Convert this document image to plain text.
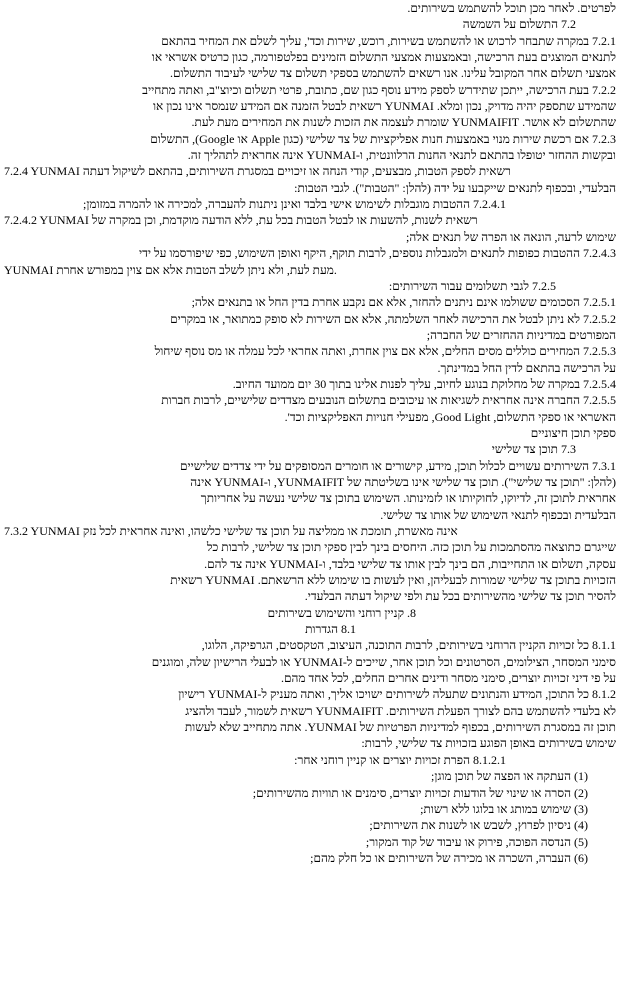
לפרטים. לאחר מכן תוכל להשתמש בשירותים.
7.2 התשלום על השמשה
7.2.1 במקרה שתבחר לרכוש או להשתמש בשירות, רוכש, שירות וכד', עליך לשלם את המחיר בהתאם
לתנאים המוצגים בעת הרכישה, ובאמצעות אמצעי התשלום הזמינים בפלטפורמה, כגון כרטיס אשראי או
אמצעי תשלום אחר המקובל עלינו. אנו רשאים להשתמש בספקי תשלום צד שלישי לעיבוד התשלום.
7.2.2 בעת הרכישה, ייתכן שתידרש לספק מידע נוסף כגון שם, כתובת, פרטי תשלום וכיוצ"ב, ואתה מתחייב
שהמידע שתספק יהיה מדויק, נכון ומלא. YUNMAI רשאית לבטל הזמנה אם המידע שנמסר אינו נכון או
שהתשלום לא אושר. YUNMAIFIT שומרת לעצמה את הזכות לשנות את המחירים מעת לעת.
7.2.3 אם רכשת שירות מנוי באמצעות חנות אפליקציות של צד שלישי (כגון Apple או Google), התשלום
ובקשות ההחזר יטופלו בהתאם לתנאי החנות הרלוונטית, ו-YUNMAI אינה אחראית לתהליך זה.
7.2.4 YUNMAI רשאית לספק הטבות, מבצעים, קודי הנחה או זיכויים במסגרת השירותים, בהתאם לשיקול דעתה
הבלעדי, ובכפוף לתנאים שייקבעו על ידה (להלן: "הטבות"). לגבי הטבות:
7.2.4.1 ההטבות מוגבלות לשימוש אישי בלבד ואינן ניתנות להעברה, למכירה או להמרה במזומן;
7.2.4.2 YUNMAI רשאית לשנות, להשעות או לבטל הטבות בכל עת, ללא הודעה מוקדמת, וכן במקרה של
שימוש לרעה, הונאה או הפרה של תנאים אלה;
7.2.4.3 ההטבות כפופות לתנאים ולמגבלות נוספים, לרבות תוקף, היקף ואופן השימוש, כפי שיפורסמו על ידי
YUNMAI מעת לעת, ולא ניתן לשלב הטבות אלא אם צוין במפורש אחרת.
7.2.5 לגבי תשלומים עבור השירותים:
7.2.5.1 הסכומים ששולמו אינם ניתנים להחזר, אלא אם נקבע אחרת בדין החל או בתנאים אלה;
7.2.5.2 לא ניתן לבטל את הרכישה לאחר השלמתה, אלא אם השירות לא סופק כמתואר, או במקרים
המפורטים במדיניות ההחזרים של החברה;
7.2.5.3 המחירים כוללים מסים החלים, אלא אם צוין אחרת, ואתה אחראי לכל עמלה או מס נוסף שיחול
על הרכישה בהתאם לדין החל במדינתך.
7.2.5.4 במקרה של מחלוקת בנוגע לחיוב, עליך לפנות אלינו בתוך 30 יום ממועד החיוב.
7.2.5.5 החברה אינה אחראית לשגיאות או עיכובים בתשלום הנובעים מצדדים שלישיים, לרבות חברות
האשראי או ספקי התשלום, Good Light, מפעילי חנויות האפליקציות וכד'.
ספקי תוכן חיצוניים
7.3 תוכן צד שלישי
7.3.1 השירותים עשויים לכלול תוכן, מידע, קישורים או חומרים המסופקים על ידי צדדים שלישיים
(להלן: "תוכן צד שלישי"). תוכן צד שלישי אינו בשליטתה של YUNMAIFIT, ו-YUNMAI אינה
אחראית לתוכן זה, לדיוקו, לחוקיותו או לזמינותו. השימוש בתוכן צד שלישי נעשה על אחריותך
הבלעדית ובכפוף לתנאי השימוש של אותו צד שלישי.
7.3.2 YUNMAI אינה מאשרת, תומכת או ממליצה על תוכן צד שלישי כלשהו, ואינה אחראית לכל נזק
שייגרם כתוצאה מהסתמכות על תוכן כזה. היחסים בינך לבין ספקי תוכן צד שלישי, לרבות כל
עסקה, תשלום או התחייבות, הם בינך לבין אותו צד שלישי בלבד, ו-YUNMAI אינה צד להם.
הזכויות בתוכן צד שלישי שמורות לבעליהן, ואין לעשות בו שימוש ללא הרשאתם. YUNMAI רשאית
להסיר תוכן צד שלישי מהשירותים בכל עת ולפי שיקול דעתה הבלעדי.
8. קניין רוחני והשימוש בשירותים
8.1 הגדרות
8.1.1 כל זכויות הקניין הרוחני בשירותים, לרבות התוכנה, העיצוב, הטקסטים, הגרפיקה, הלוגו,
סימני המסחר, הצילומים, הסרטונים וכל תוכן אחר, שייכים ל-YUNMAI או לבעלי הרישיון שלה, ומוגנים
על פי דיני זכויות יוצרים, סימני מסחר ודינים אחרים החלים, לכל אחד מהם.
8.1.2 כל התוכן, המידע והנתונים שתעלה לשירותים ישויכו אליך, ואתה מעניק ל-YUNMAI רישיון
לא בלעדי להשתמש בהם לצורך הפעלת השירותים. YUNMAIFIT רשאית לשמור, לעבד ולהציג
תוכן זה במסגרת השירותים, בכפוף למדיניות הפרטיות של YUNMAI. אתה מתחייב שלא לעשות
שימוש בשירותים באופן הפוגע בזכויות צד שלישי, לרבות:
8.1.2.1 הפרת זכויות יוצרים או קניין רוחני אחר:
(1) העתקה או הפצה של תוכן מוגן;
(2) הסרה או שינוי של הודעות זכויות יוצרים, סימנים או תוויות מהשירותים;
(3) שימוש במותג או בלוגו ללא רשות;
(4) ניסיון לפרוץ, לשבש או לשנות את השירותים;
(5) הנדסה הפוכה, פירוק או עיבוד של קוד המקור;
(6) העברה, השכרה או מכירה של השירותים או כל חלק מהם;
